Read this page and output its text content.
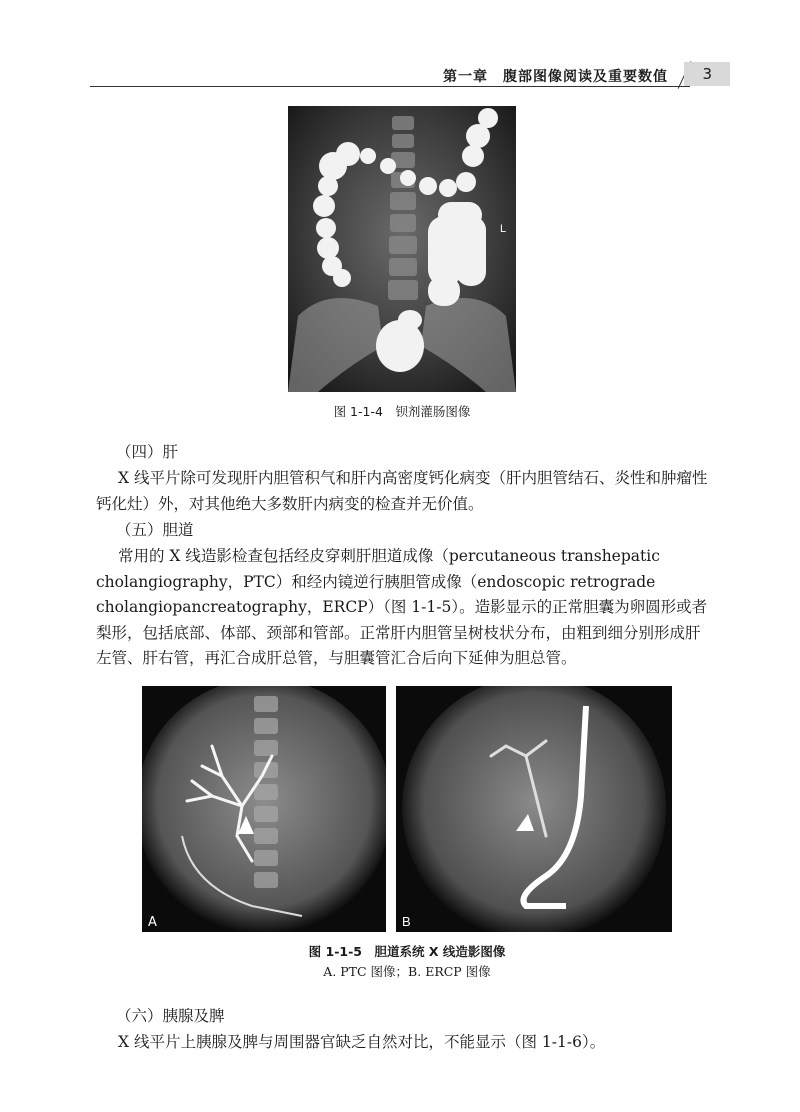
第一章　腹部图像阅读及重要数值 3
L
图 1-1-4　钡剂灌肠图像
（四）肝
X 线平片除可发现肝内胆管积气和肝内高密度钙化病变（肝内胆管结石、炎性和肿瘤性钙化灶）外，对其他绝大多数肝内病变的检查并无价值。
（五）胆道
常用的 X 线造影检查包括经皮穿刺肝胆道成像（percutaneous transhepatic cholangiography，PTC）和经内镜逆行胰胆管成像（endoscopic retrograde cholangiopancreatography，ERCP）（图 1-1-5）。造影显示的正常胆囊为卵圆形或者梨形，包括底部、体部、颈部和管部。正常肝内胆管呈树枝状分布，由粗到细分别形成肝左管、肝右管，再汇合成肝总管，与胆囊管汇合后向下延伸为胆总管。
A	B
图 1-1-5　胆道系统 X 线造影图像
A. PTC 图像；B. ERCP 图像
（六）胰腺及脾
X 线平片上胰腺及脾与周围器官缺乏自然对比，不能显示（图 1-1-6）。
